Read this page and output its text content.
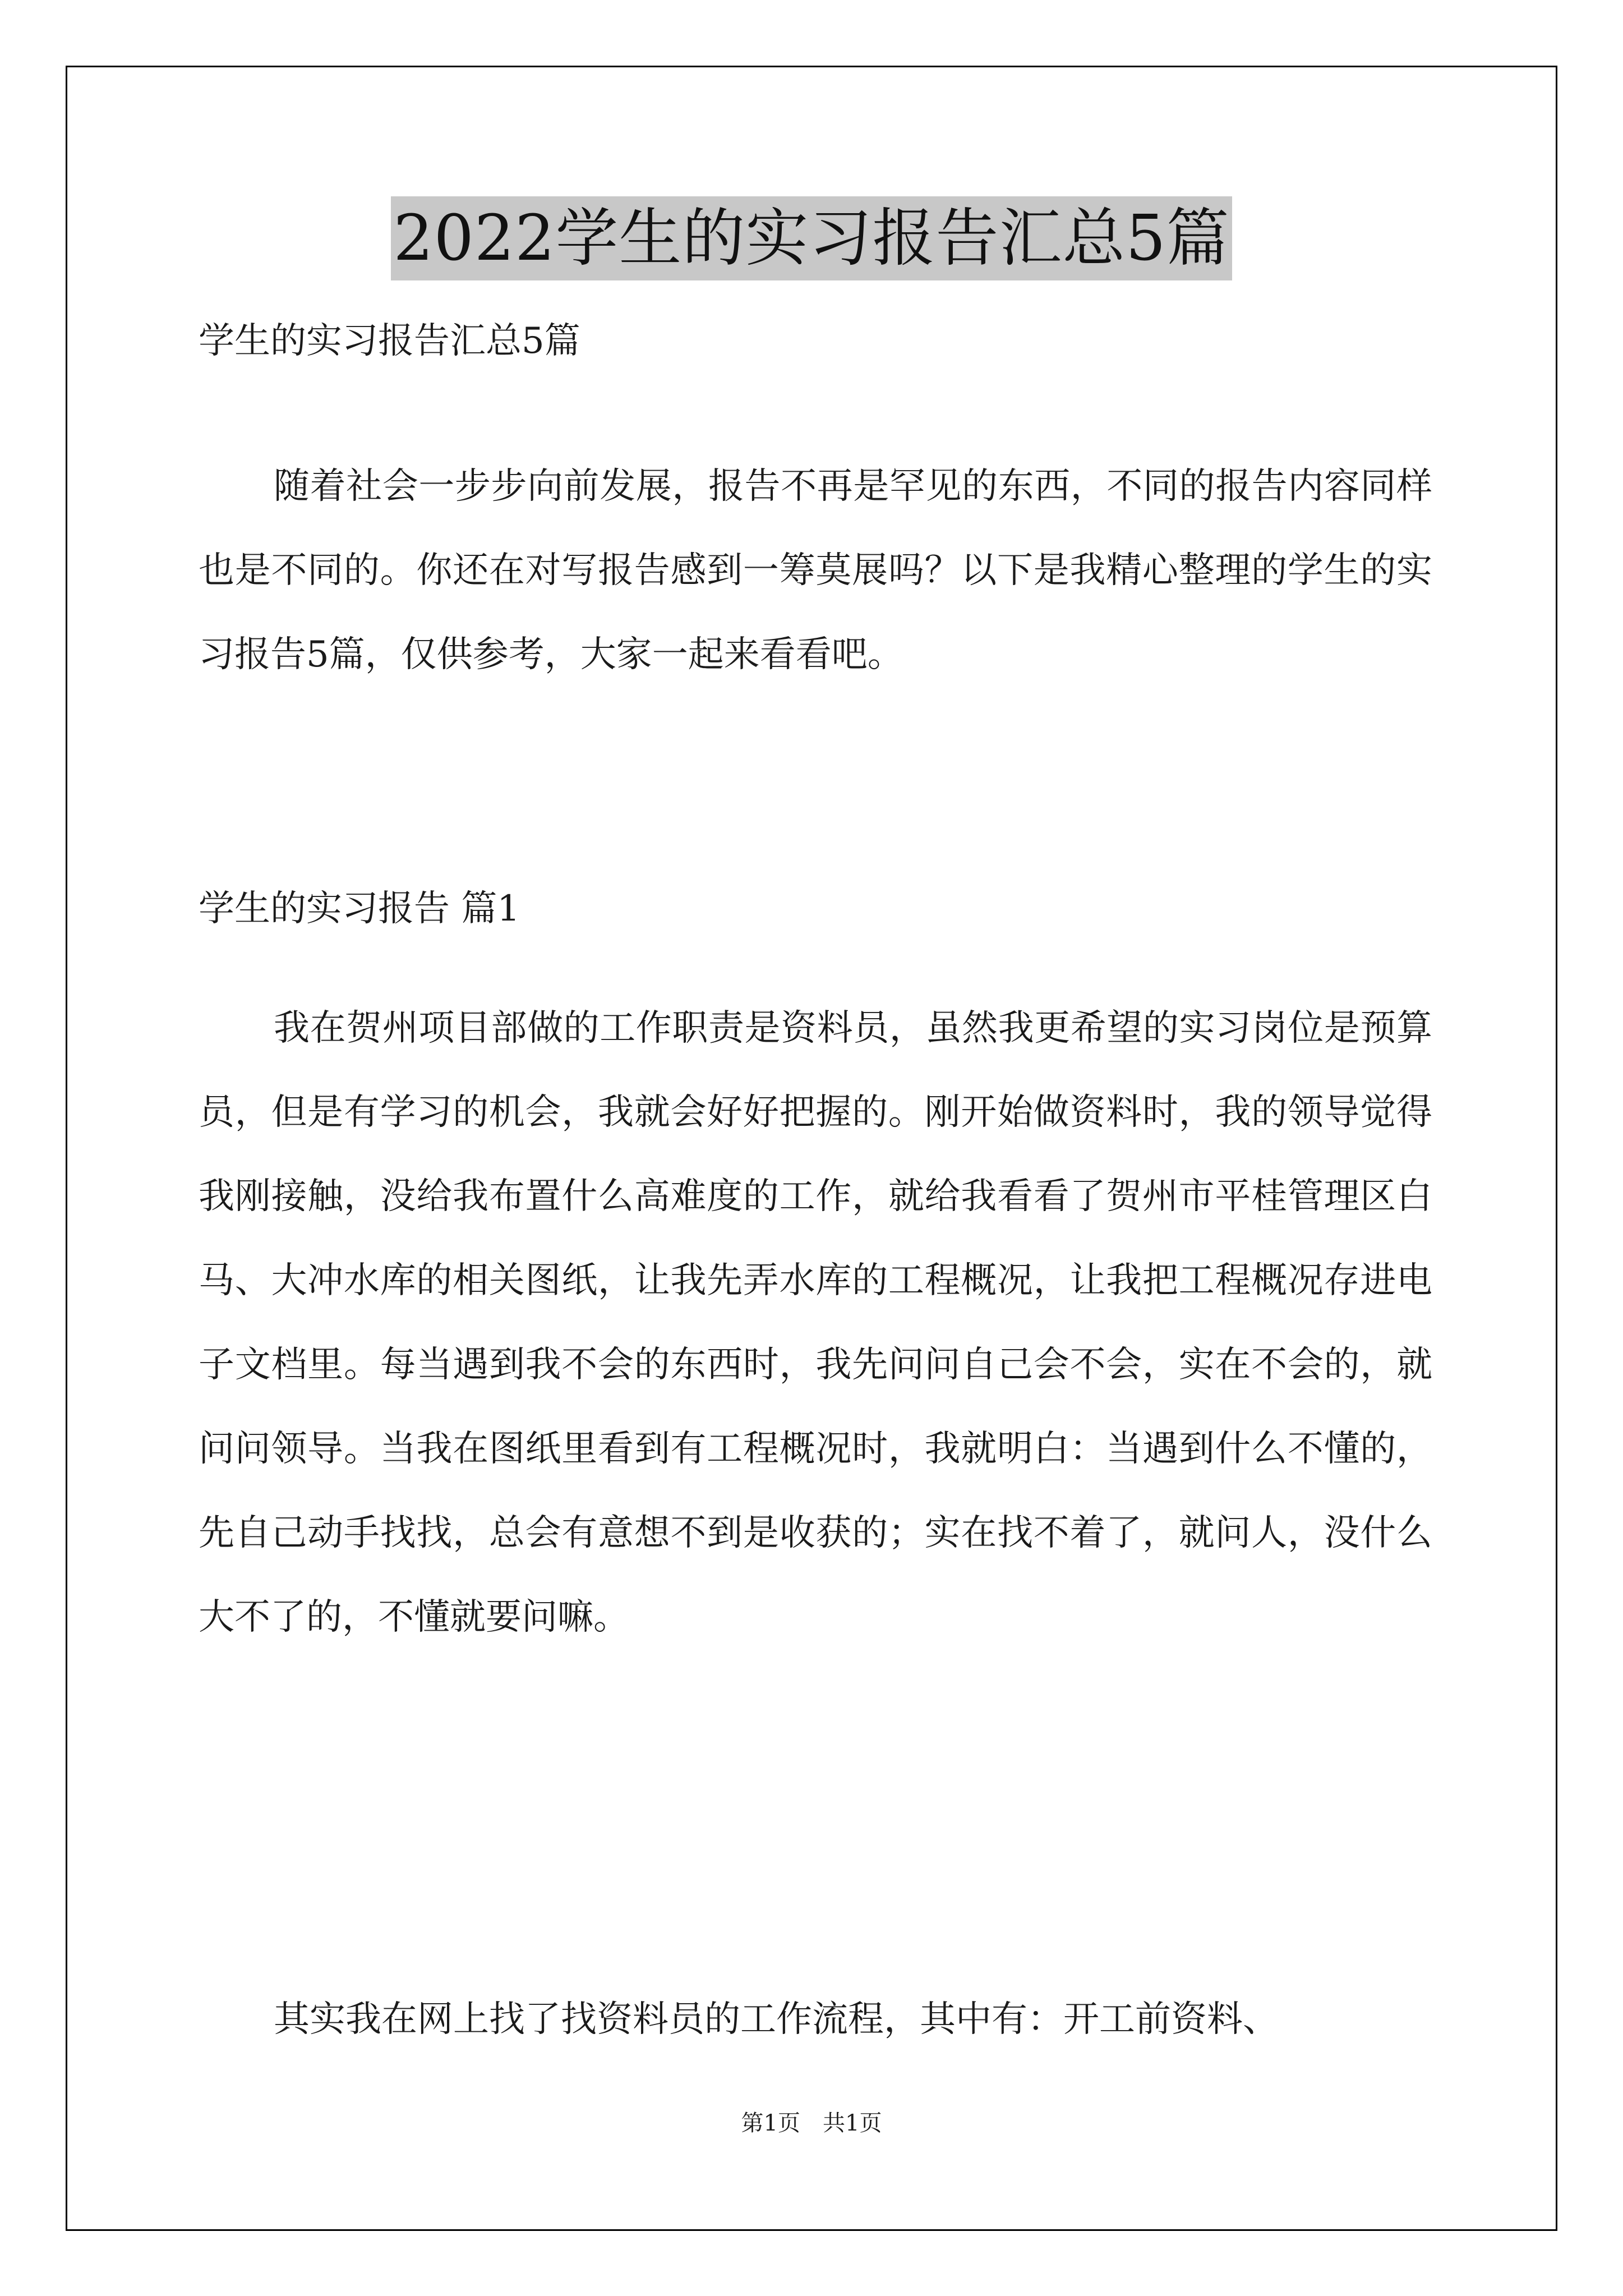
2022学生的实习报告汇总5篇

学生的实习报告汇总5篇

随着社会一步步向前发展，报告不再是罕见的东西，不同的报告内容同样也是不同的。你还在对写报告感到一筹莫展吗？以下是我精心整理的学生的实习报告5篇，仅供参考，大家一起来看看吧。

学生的实习报告 篇1

我在贺州项目部做的工作职责是资料员，虽然我更希望的实习岗位是预算员，但是有学习的机会，我就会好好把握的。刚开始做资料时，我的领导觉得我刚接触，没给我布置什么高难度的工作，就给我看看了贺州市平桂管理区白马、大冲水库的相关图纸，让我先弄水库的工程概况，让我把工程概况存进电子文档里。每当遇到我不会的东西时，我先问问自己会不会，实在不会的，就问问领导。当我在图纸里看到有工程概况时，我就明白：当遇到什么不懂的，先自己动手找找，总会有意想不到是收获的；实在找不着了，就问人，没什么大不了的，不懂就要问嘛。

其实我在网上找了找资料员的工作流程，其中有：开工前资料、

第1页 共1页
